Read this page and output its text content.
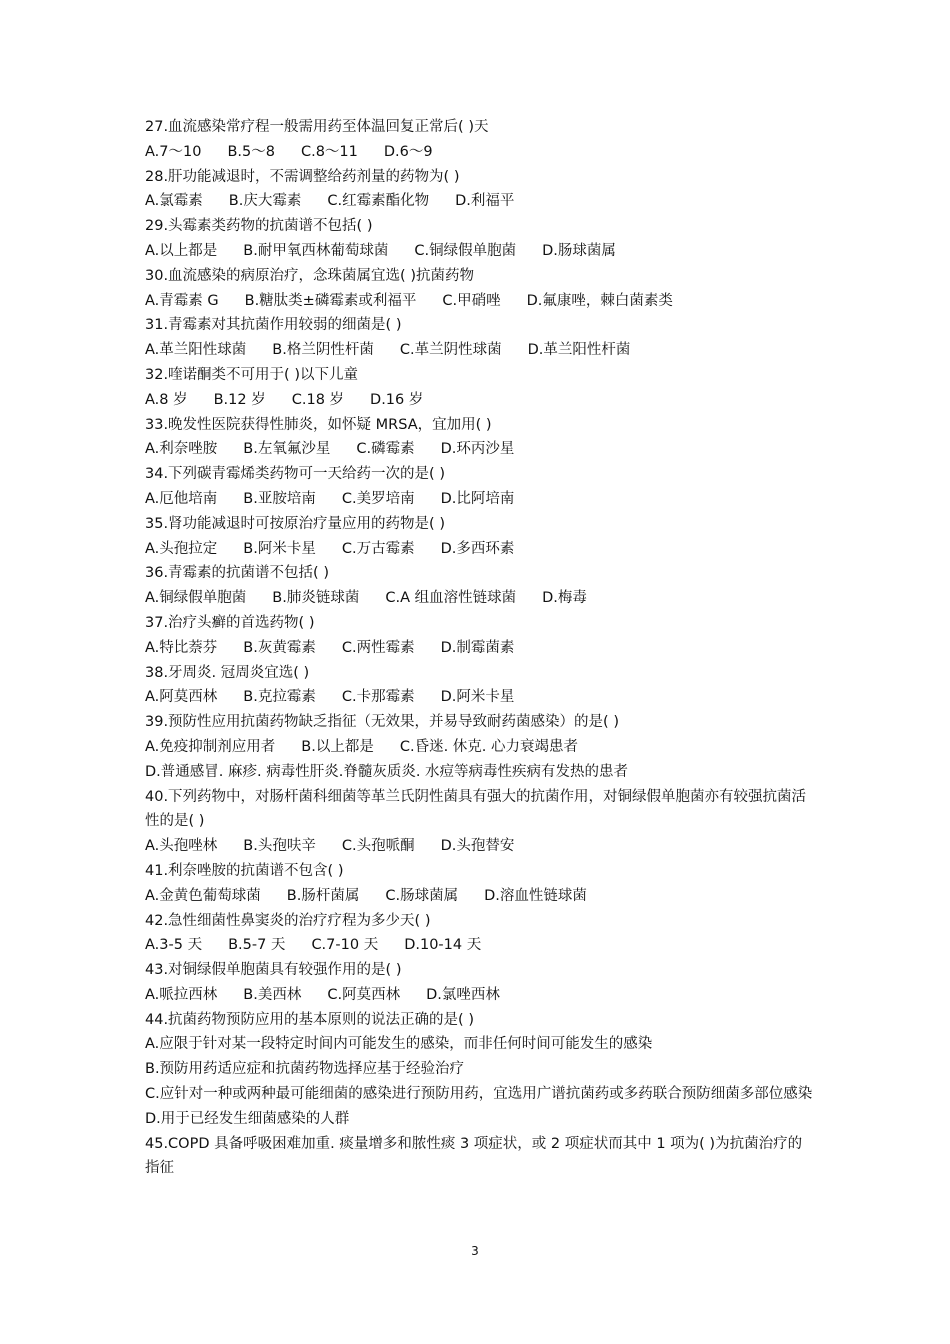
27.血流感染常疗程一般需用药至体温回复正常后( )天
A.7～10 B.5～8 C.8～11 D.6～9
28.肝功能减退时，不需调整给药剂量的药物为( )
A.氯霉素 B.庆大霉素 C.红霉素酯化物 D.利福平
29.头霉素类药物的抗菌谱不包括( )
A.以上都是 B.耐甲氧西林葡萄球菌 C.铜绿假单胞菌 D.肠球菌属
30.血流感染的病原治疗，念珠菌属宜选( )抗菌药物
A.青霉素 G B.糖肽类±磷霉素或利福平 C.甲硝唑 D.氟康唑，棘白菌素类
31.青霉素对其抗菌作用较弱的细菌是( )
A.革兰阳性球菌 B.格兰阴性杆菌 C.革兰阴性球菌 D.革兰阳性杆菌
32.喹诺酮类不可用于( )以下儿童
A.8 岁 B.12 岁 C.18 岁 D.16 岁
33.晚发性医院获得性肺炎，如怀疑 MRSA，宜加用( )
A.利奈唑胺 B.左氧氟沙星 C.磷霉素 D.环丙沙星
34.下列碳青霉烯类药物可一天给药一次的是( )
A.厄他培南 B.亚胺培南 C.美罗培南 D.比阿培南
35.肾功能减退时可按原治疗量应用的药物是( )
A.头孢拉定 B.阿米卡星 C.万古霉素 D.多西环素
36.青霉素的抗菌谱不包括( )
A.铜绿假单胞菌 B.肺炎链球菌 C.A 组血溶性链球菌 D.梅毒
37.治疗头癣的首选药物( )
A.特比萘芬 B.灰黄霉素 C.两性霉素 D.制霉菌素
38.牙周炎. 冠周炎宜选( )
A.阿莫西林 B.克拉霉素 C.卡那霉素 D.阿米卡星
39.预防性应用抗菌药物缺乏指征（无效果，并易导致耐药菌感染）的是( )
A.免疫抑制剂应用者 B.以上都是 C.昏迷. 休克. 心力衰竭患者
D.普通感冒. 麻疹. 病毒性肝炎.脊髓灰质炎. 水痘等病毒性疾病有发热的患者
40.下列药物中，对肠杆菌科细菌等革兰氏阴性菌具有强大的抗菌作用，对铜绿假单胞菌亦有较强抗菌活性的是( )
A.头孢唑林 B.头孢呋辛 C.头孢哌酮 D.头孢替安
41.利奈唑胺的抗菌谱不包含( )
A.金黄色葡萄球菌 B.肠杆菌属 C.肠球菌属 D.溶血性链球菌
42.急性细菌性鼻窦炎的治疗疗程为多少天( )
A.3-5 天 B.5-7 天 C.7-10 天 D.10-14 天
43.对铜绿假单胞菌具有较强作用的是( )
A.哌拉西林 B.美西林 C.阿莫西林 D.氯唑西林
44.抗菌药物预防应用的基本原则的说法正确的是( )
A.应限于针对某一段特定时间内可能发生的感染，而非任何时间可能发生的感染
B.预防用药适应症和抗菌药物选择应基于经验治疗
C.应针对一种或两种最可能细菌的感染进行预防用药，宜选用广谱抗菌药或多药联合预防细菌多部位感染
D.用于已经发生细菌感染的人群
45.COPD 具备呼吸困难加重. 痰量增多和脓性痰 3 项症状，或 2 项症状而其中 1 项为( )为抗菌治疗的指征
3
